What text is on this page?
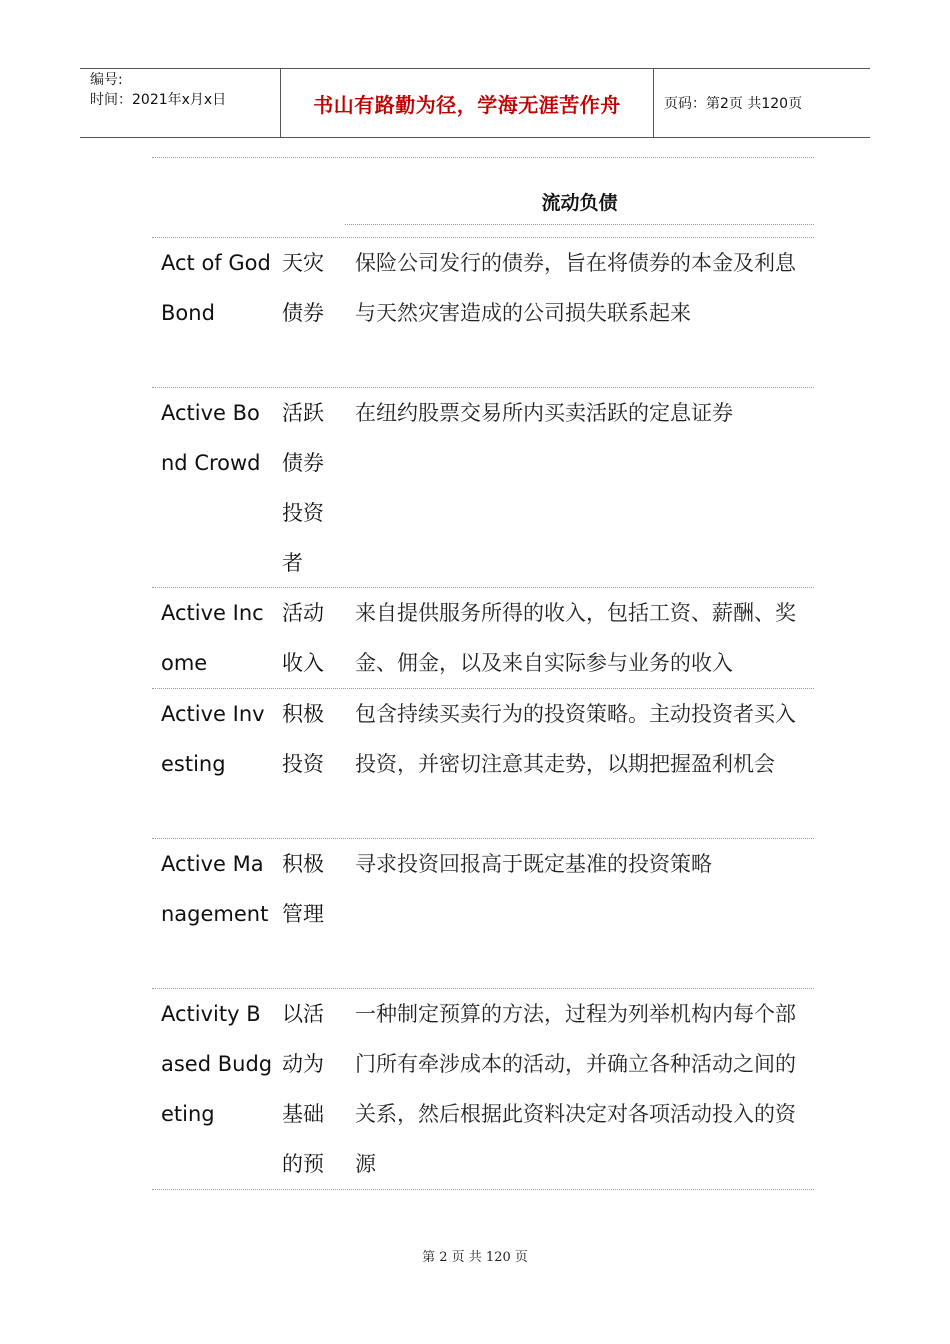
编号:
时间：2021年x月x日	书山有路勤为径，学海无涯苦作舟	页码：第2页 共120页
流动负债
Act of God Bond
天灾债券
保险公司发行的债券，旨在将债券的本金及利息与天然灾害造成的公司损失联系起来
Active Bond Crowd
活跃债券投资者
在纽约股票交易所内买卖活跃的定息证券
Active Income
活动收入
来自提供服务所得的收入，包括工资、薪酬、奖金、佣金，以及来自实际参与业务的收入
Active Investing
积极投资
包含持续买卖行为的投资策略。主动投资者买入投资，并密切注意其走势，以期把握盈利机会
Active Management
积极管理
寻求投资回报高于既定基准的投资策略
Activity Based Budgeting
以活动为基础的预
一种制定预算的方法，过程为列举机构内每个部门所有牵涉成本的活动，并确立各种活动之间的关系，然后根据此资料决定对各项活动投入的资源
第 2 页 共 120 页
